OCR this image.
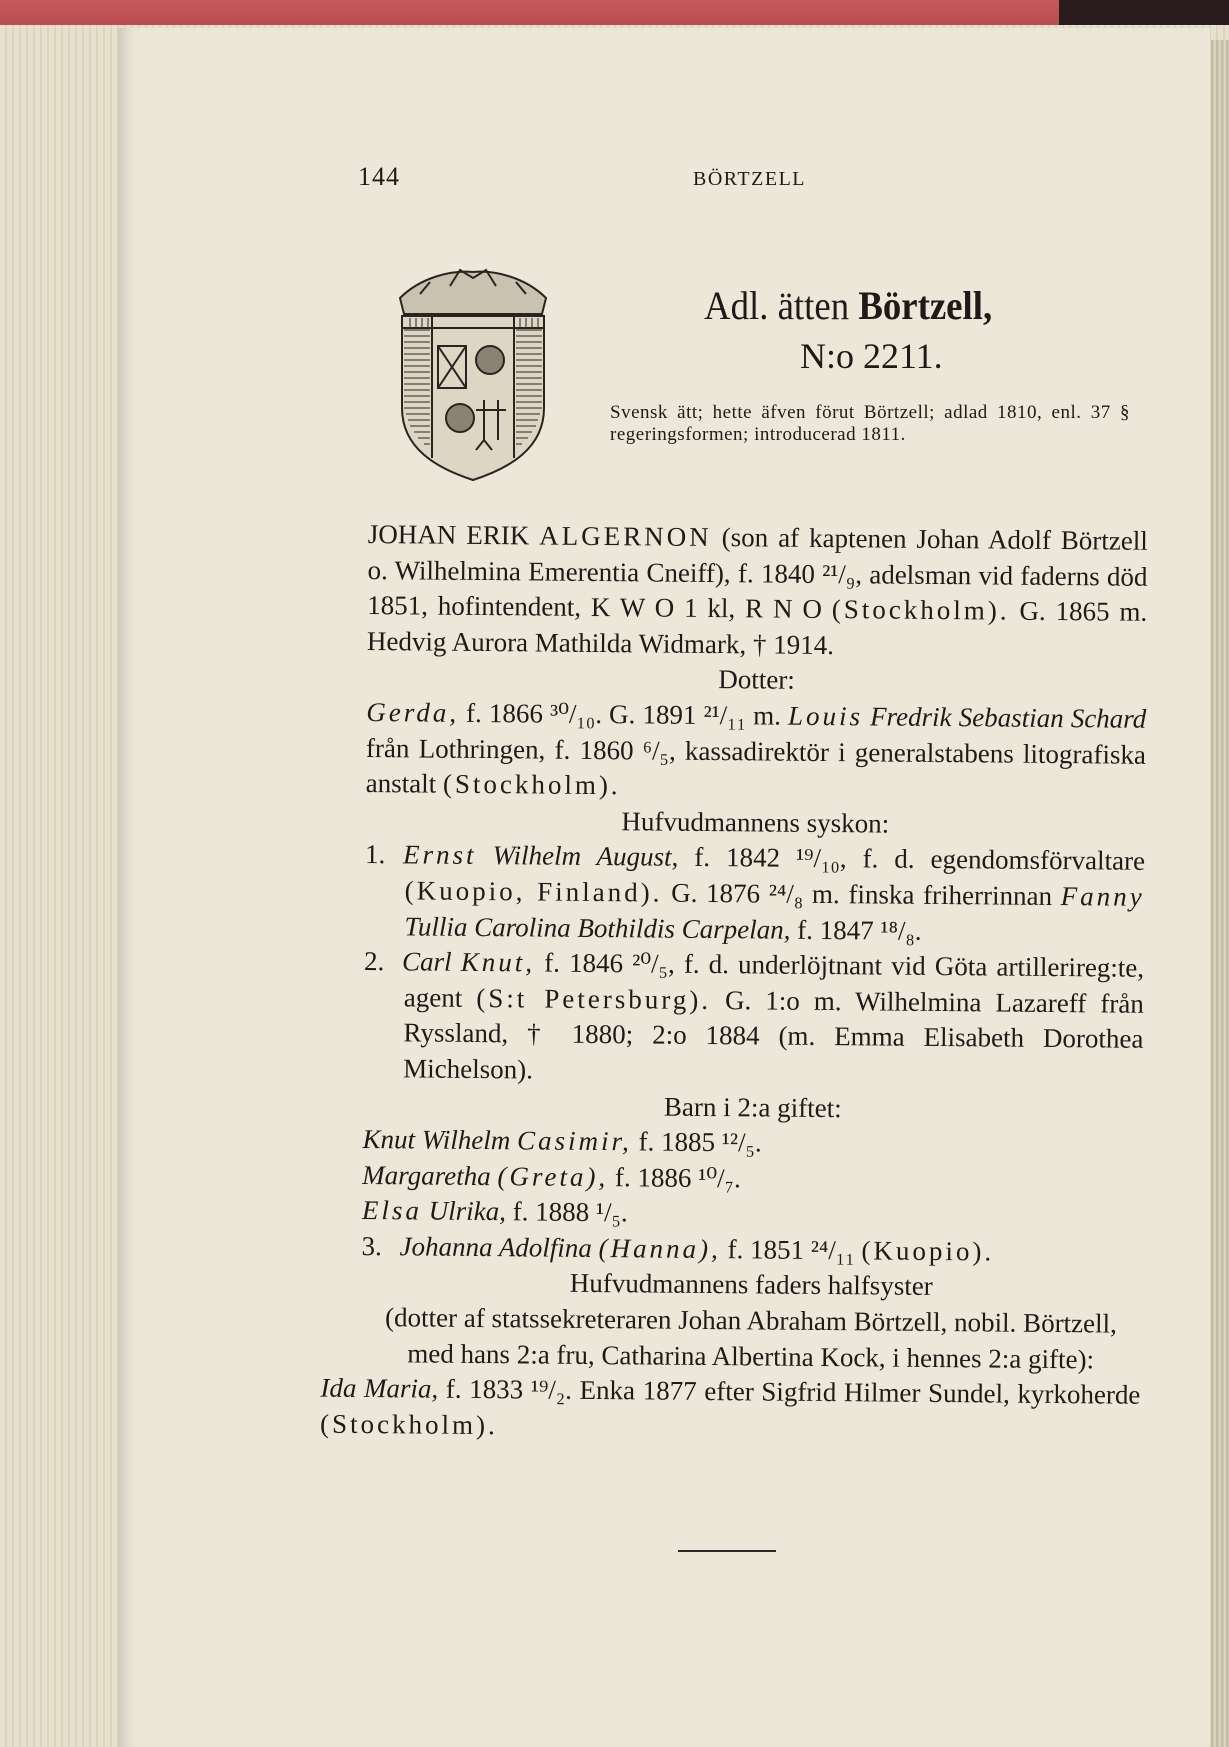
144	BÖRTZELL
Adl. ätten Börtzell,
N:o 2211.
Svensk ätt; hette äfven förut Börtzell; adlad 1810, enl. 37 § regeringsformen; introducerad 1811.

JOHAN ERIK ALGERNON (son af kaptenen Johan Adolf Börtzell o. Wilhelmina Emerentia Cneiff), f. 1840 ²¹/₉, adelsman vid faderns död 1851, hofintendent, K W O 1 kl, R N O (Stockholm). G. 1865 m. Hedvig Aurora Mathilda Widmark, † 1914.

Dotter:

Gerda, f. 1866 ³⁰/₁₀. G. 1891 ²¹/₁₁ m. Louis Fredrik Sebastian Schard från Lothringen, f. 1860 ⁶/₅, kassadirektör i generalstabens litografiska anstalt (Stockholm).

Hufvudmannens syskon:

1. Ernst Wilhelm August, f. 1842 ¹⁹/₁₀, f. d. egendomsförvaltare (Kuopio, Finland). G. 1876 ²⁴/₈ m. finska friherrinnan Fanny Tullia Carolina Bothildis Carpelan, f. 1847 ¹⁸/₈.

2. Carl Knut, f. 1846 ²⁰/₅, f. d. underlöjtnant vid Göta artillerireg:te, agent (S:t Petersburg). G. 1:o m. Wilhelmina Lazareff från Ryssland, † 1880; 2:o 1884 (m. Emma Elisabeth Dorothea Michelson).

Barn i 2:a giftet:

Knut Wilhelm Casimir, f. 1885 ¹²/₅.

Margaretha (Greta), f. 1886 ¹⁰/₇.

Elsa Ulrika, f. 1888 ¹/₅.

3. Johanna Adolfina (Hanna), f. 1851 ²⁴/₁₁ (Kuopio).

Hufvudmannens faders halfsyster

(dotter af statssekreteraren Johan Abraham Börtzell, nobil. Börtzell, med hans 2:a fru, Catharina Albertina Kock, i hennes 2:a gifte):

Ida Maria, f. 1833 ¹⁹/₂. Enka 1877 efter Sigfrid Hilmer Sundel, kyrkoherde (Stockholm).
